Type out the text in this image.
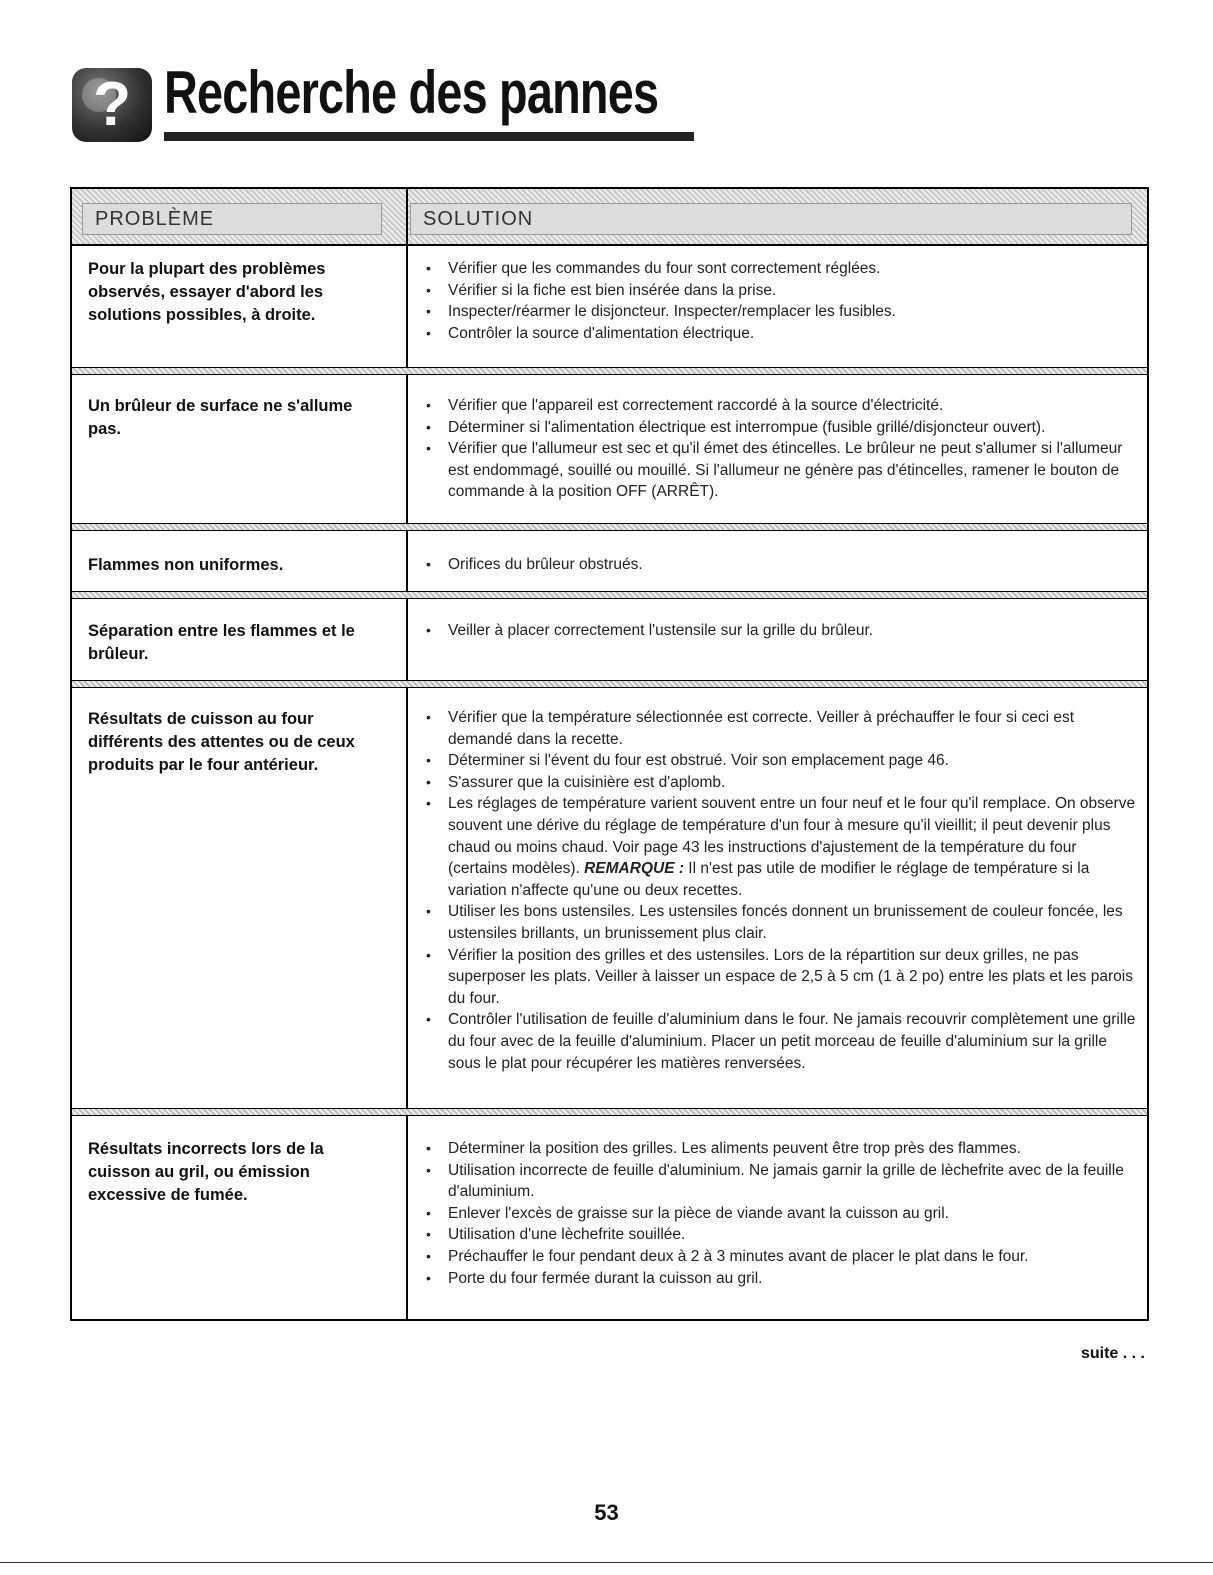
? Recherche des pannes
PROBLÈME	SOLUTION
Pour la plupart des problèmes observés, essayer d'abord les solutions possibles, à droite.
• Vérifier que les commandes du four sont correctement réglées.
• Vérifier si la fiche est bien insérée dans la prise.
• Inspecter/réarmer le disjoncteur. Inspecter/remplacer les fusibles.
• Contrôler la source d'alimentation électrique.
Un brûleur de surface ne s'allume pas.
• Vérifier que l'appareil est correctement raccordé à la source d'électricité.
• Déterminer si l'alimentation électrique est interrompue (fusible grillé/disjoncteur ouvert).
• Vérifier que l'allumeur est sec et qu'il émet des étincelles. Le brûleur ne peut s'allumer si l'allumeur est endommagé, souillé ou mouillé. Si l'allumeur ne génère pas d'étincelles, ramener le bouton de commande à la position OFF (ARRÊT).
Flammes non uniformes.
•	Orifices du brûleur obstrués.
Séparation entre les flammes et le brûleur.
• Veiller à placer correctement l'ustensile sur la grille du brûleur.
Résultats de cuisson au four différents des attentes ou de ceux produits par le four antérieur.
• Vérifier que la température sélectionnée est correcte. Veiller à préchauffer le four si ceci est demandé dans la recette.
• Déterminer si l'évent du four est obstrué. Voir son emplacement page 46.
• S'assurer que la cuisinière est d'aplomb.
• Les réglages de température varient souvent entre un four neuf et le four qu'il remplace. On observe souvent une dérive du réglage de température d'un four à mesure qu'il vieillit; il peut devenir plus chaud ou moins chaud. Voir page 43 les instructions d'ajustement de la température du four (certains modèles). REMARQUE : Il n'est pas utile de modifier le réglage de température si la variation n'affecte qu'une ou deux recettes.
• Utiliser les bons ustensiles. Les ustensiles foncés donnent un brunissement de couleur foncée, les ustensiles brillants, un brunissement plus clair.
• Vérifier la position des grilles et des ustensiles. Lors de la répartition sur deux grilles, ne pas superposer les plats. Veiller à laisser un espace de 2,5 à 5 cm (1 à 2 po) entre les plats et les parois du four.
• Contrôler l'utilisation de feuille d'aluminium dans le four. Ne jamais recouvrir complètement une grille du four avec de la feuille d'aluminium. Placer un petit morceau de feuille d'aluminium sur la grille sous le plat pour récupérer les matières renversées.
Résultats incorrects lors de la cuisson au gril, ou émission excessive de fumée.
• Déterminer la position des grilles. Les aliments peuvent être trop près des flammes.
• Utilisation incorrecte de feuille d'aluminium. Ne jamais garnir la grille de lèchefrite avec de la feuille d'aluminium.
• Enlever l'excès de graisse sur la pièce de viande avant la cuisson au gril.
• Utilisation d'une lèchefrite souillée.
• Préchauffer le four pendant deux à 2 à 3 minutes avant de placer le plat dans le four.
• Porte du four fermée durant la cuisson au gril.
suite . . .
53
